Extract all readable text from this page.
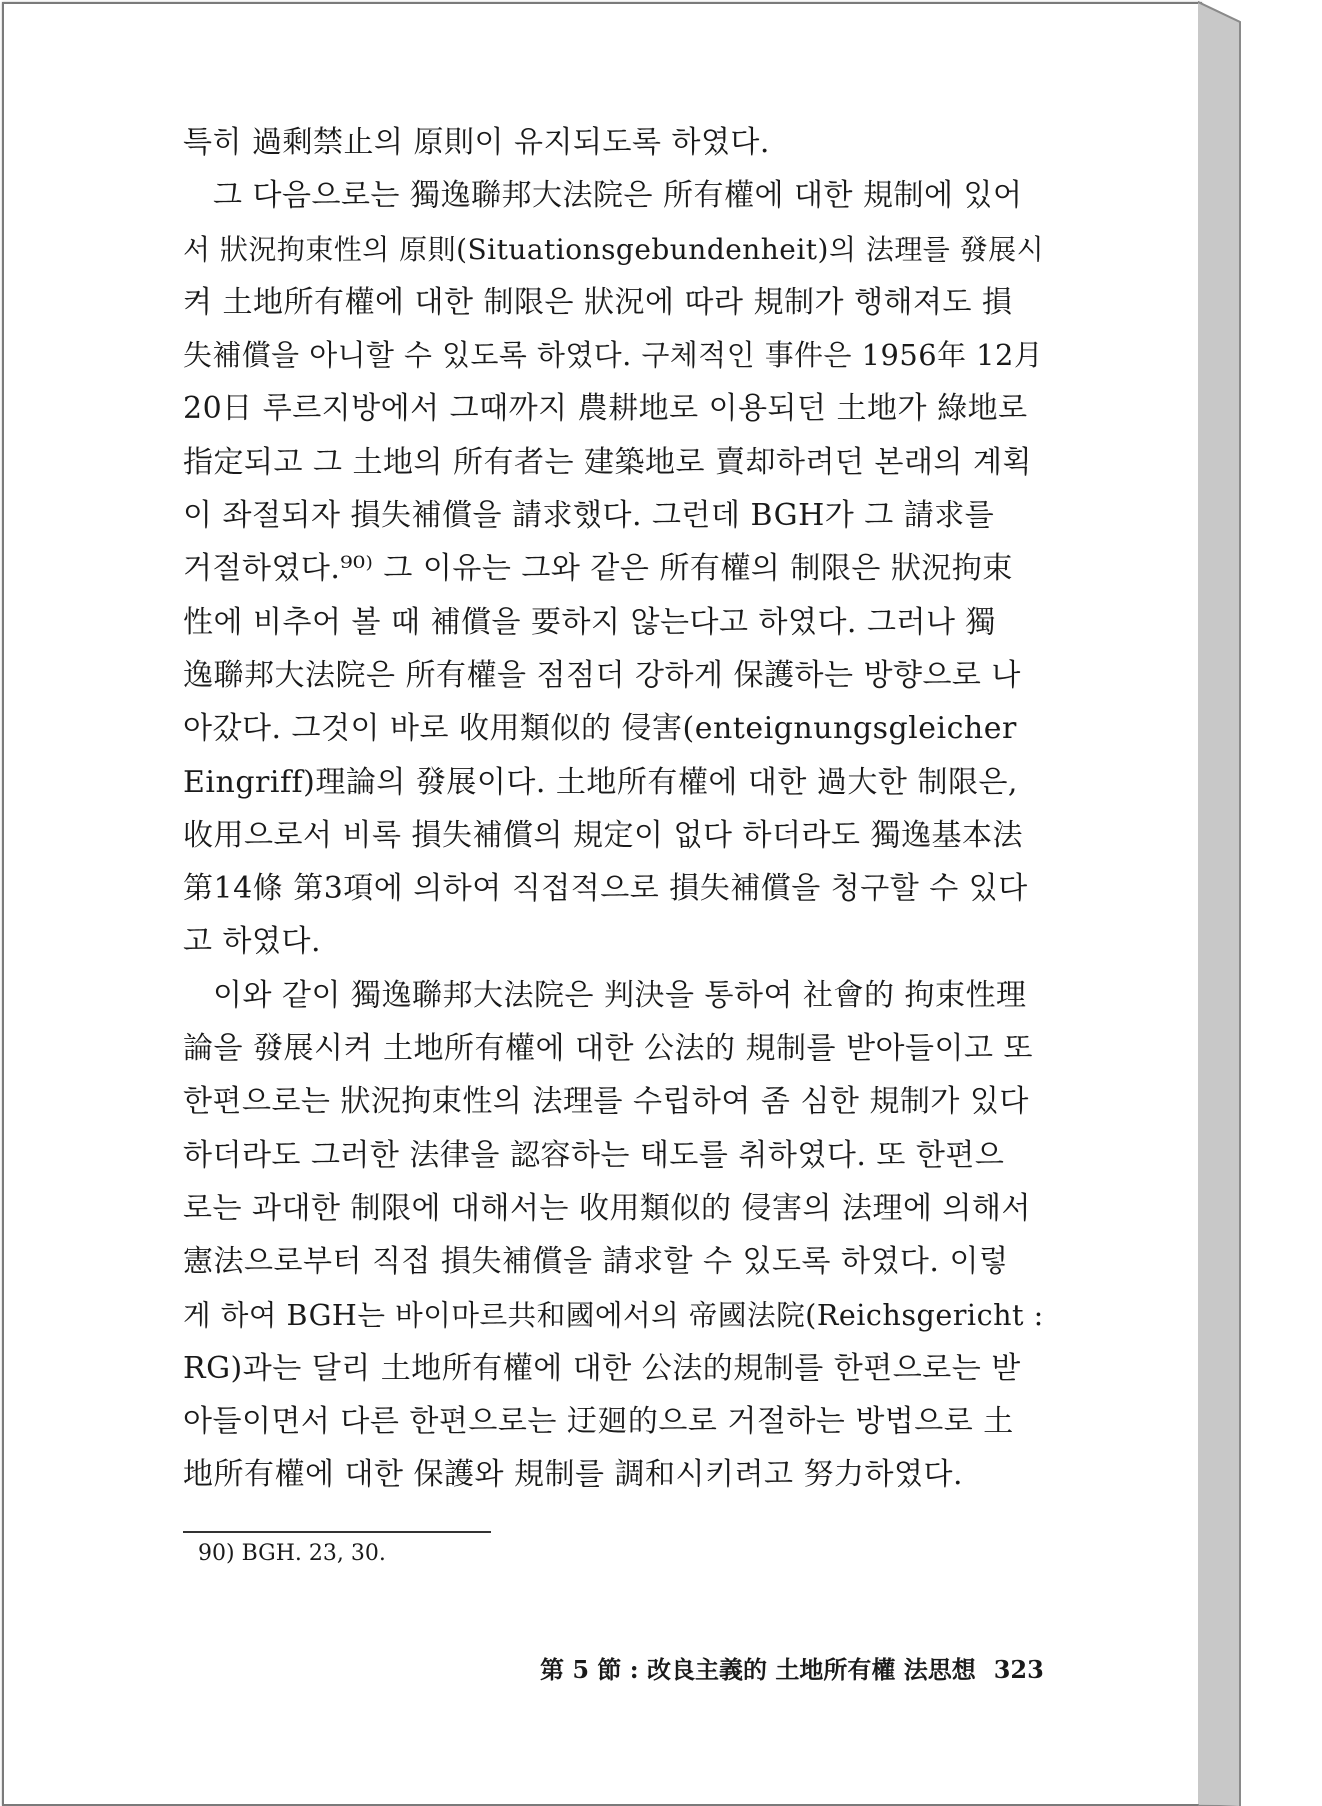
특히 過剩禁止의 原則이 유지되도록 하였다.
그 다음으로는 獨逸聯邦大法院은 所有權에 대한 規制에 있어
서 狀況拘束性의 原則(Situationsgebundenheit)의 法理를 發展시
켜 土地所有權에 대한 制限은 狀況에 따라 規制가 행해져도 損
失補償을 아니할 수 있도록 하였다. 구체적인 事件은 1956年 12月
20日 루르지방에서 그때까지 農耕地로 이용되던 土地가 綠地로
指定되고 그 土地의 所有者는 建築地로 賣却하려던 본래의 계획
이 좌절되자 損失補償을 請求했다. 그런데 BGH가 그 請求를
거절하였다.⁹⁰⁾ 그 이유는 그와 같은 所有權의 制限은 狀況拘束
性에 비추어 볼 때 補償을 要하지 않는다고 하였다. 그러나 獨
逸聯邦大法院은 所有權을 점점더 강하게 保護하는 방향으로 나
아갔다. 그것이 바로 收用類似的 侵害(enteignungsgleicher
Eingriff)理論의 發展이다. 土地所有權에 대한 過大한 制限은,
收用으로서 비록 損失補償의 規定이 없다 하더라도 獨逸基本法
第14條 第3項에 의하여 직접적으로 損失補償을 청구할 수 있다
고 하였다.
이와 같이 獨逸聯邦大法院은 判決을 통하여 社會的 拘束性理
論을 發展시켜 土地所有權에 대한 公法的 規制를 받아들이고 또
한편으로는 狀況拘束性의 法理를 수립하여 좀 심한 規制가 있다
하더라도 그러한 法律을 認容하는 태도를 취하였다. 또 한편으
로는 과대한 制限에 대해서는 收用類似的 侵害의 法理에 의해서
憲法으로부터 직접 損失補償을 請求할 수 있도록 하였다. 이렇
게 하여 BGH는 바이마르共和國에서의 帝國法院(Reichsgericht :
RG)과는 달리 土地所有權에 대한 公法的規制를 한편으로는 받
아들이면서 다른 한편으로는 迂廻的으로 거절하는 방법으로 土
地所有權에 대한 保護와 規制를 調和시키려고 努力하였다.
90) BGH. 23, 30.
第 5 節 : 改良主義的 土地所有權 法思想 323
